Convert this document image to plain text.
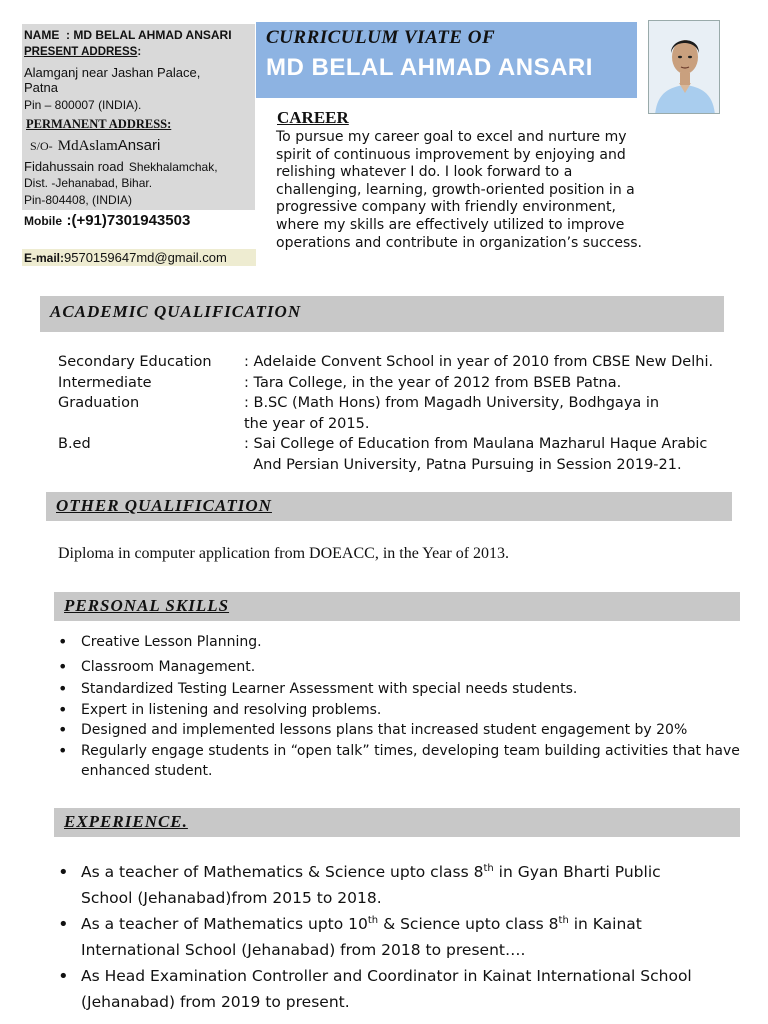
NAME : MD BELAL AHMAD ANSARI
PRESENT ADDRESS:
Alamganj near Jashan Palace,
Patna
Pin – 800007 (INDIA).
PERMANENT ADDRESS:
S/O- MdAslamAnsari
Fidahussain road Shekhalamchak,
Dist. -Jehanabad, Bihar.
Pin-804408, (INDIA)
Mobile :(+91)7301943503
E-mail:9570159647md@gmail.com
CURRICULUM VIATE OF
MD BELAL AHMAD ANSARI
CAREER
To pursue my career goal to excel and nurture my
spirit of continuous improvement by enjoying and
relishing whatever I do. I look forward to a
challenging, learning, growth-oriented position in a
progressive company with friendly environment,
where my skills are effectively utilized to improve
operations and contribute in organization’s success.
ACADEMIC QUALIFICATION
Secondary Education : Adelaide Convent School in year of 2010 from CBSE New Delhi.
Intermediate	: Tara College, in the year of 2012 from BSEB Patna.
Graduation	: B.SC (Math Hons) from Magadh University, Bodhgaya in
the year of 2015.
B.ed	: Sai College of Education from Maulana Mazharul Haque Arabic
And Persian University, Patna Pursuing in Session 2019-21.
OTHER QUALIFICATION
Diploma in computer application from DOEACC, in the Year of 2013.
PERSONAL SKILLS
• Creative Lesson Planning.
• Classroom Management.
• Standardized Testing Learner Assessment with special needs students.
• Expert in listening and resolving problems.
• Designed and implemented lessons plans that increased student engagement by 20%
• Regularly engage students in “open talk” times, developing team building activities that have enhanced student.
EXPERIENCE.
• As a teacher of Mathematics & Science upto class 8th in Gyan Bharti Public School (Jehanabad)from 2015 to 2018.
• As a teacher of Mathematics upto 10th & Science upto class 8th in Kainat International School (Jehanabad) from 2018 to present….
• As Head Examination Controller and Coordinator in Kainat International School (Jehanabad) from 2019 to present.
